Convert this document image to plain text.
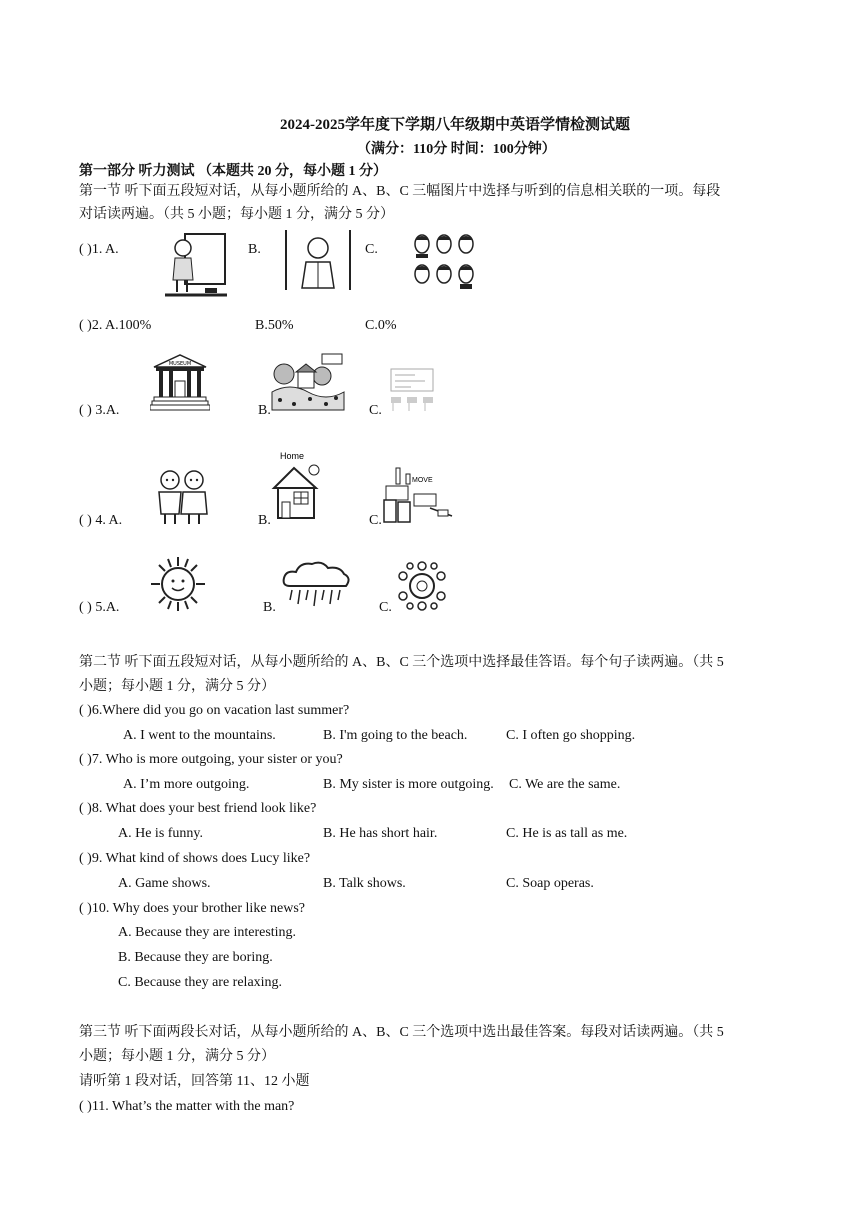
2024-2025学年度下学期八年级期中英语学情检测试题
（满分：110分 时间：100分钟）
第一部分 听力测试 （本题共 20 分，每小题 1 分）
第一节 听下面五段短对话，从每小题所给的 A、B、C 三幅图片中选择与听到的信息相关联的一项。每段
对话读两遍。（共 5 小题；每小题 1 分，满分 5 分）
( )1. A.	B.	C.
( )2. A.100%	B.50%	C.0%
( ) 3.A.
MUSEUM
B.	C.
( ) 4. A.	B.
Home
C.
MOVE
( ) 5.A.	B.	C.
第二节 听下面五段短对话，从每小题所给的 A、B、C 三个选项中选择最佳答语。每个句子读两遍。（共 5
小题；每小题 1 分，满分 5 分）
( )6.Where did you go on vacation last summer?
A. I went to the mountains.	B. I'm going to the beach.	C. I often go shopping.
( )7. Who is more outgoing, your sister or you?
A. I’m more outgoing.	B. My sister is more outgoing. C. We are the same.
( )8. What does your best friend look like?
A. He is funny.	B. He has short hair.	C. He is as tall as me.
( )9. What kind of shows does Lucy like?
A. Game shows.	B. Talk shows.	C. Soap operas.
( )10. Why does your brother like news?
A. Because they are interesting.
B. Because they are boring.
C. Because they are relaxing.
第三节 听下面两段长对话，从每小题所给的 A、B、C 三个选项中选出最佳答案。每段对话读两遍。（共 5
小题；每小题 1 分，满分 5 分）
请听第 1 段对话，回答第 11、12 小题
( )11. What’s the matter with the man?
